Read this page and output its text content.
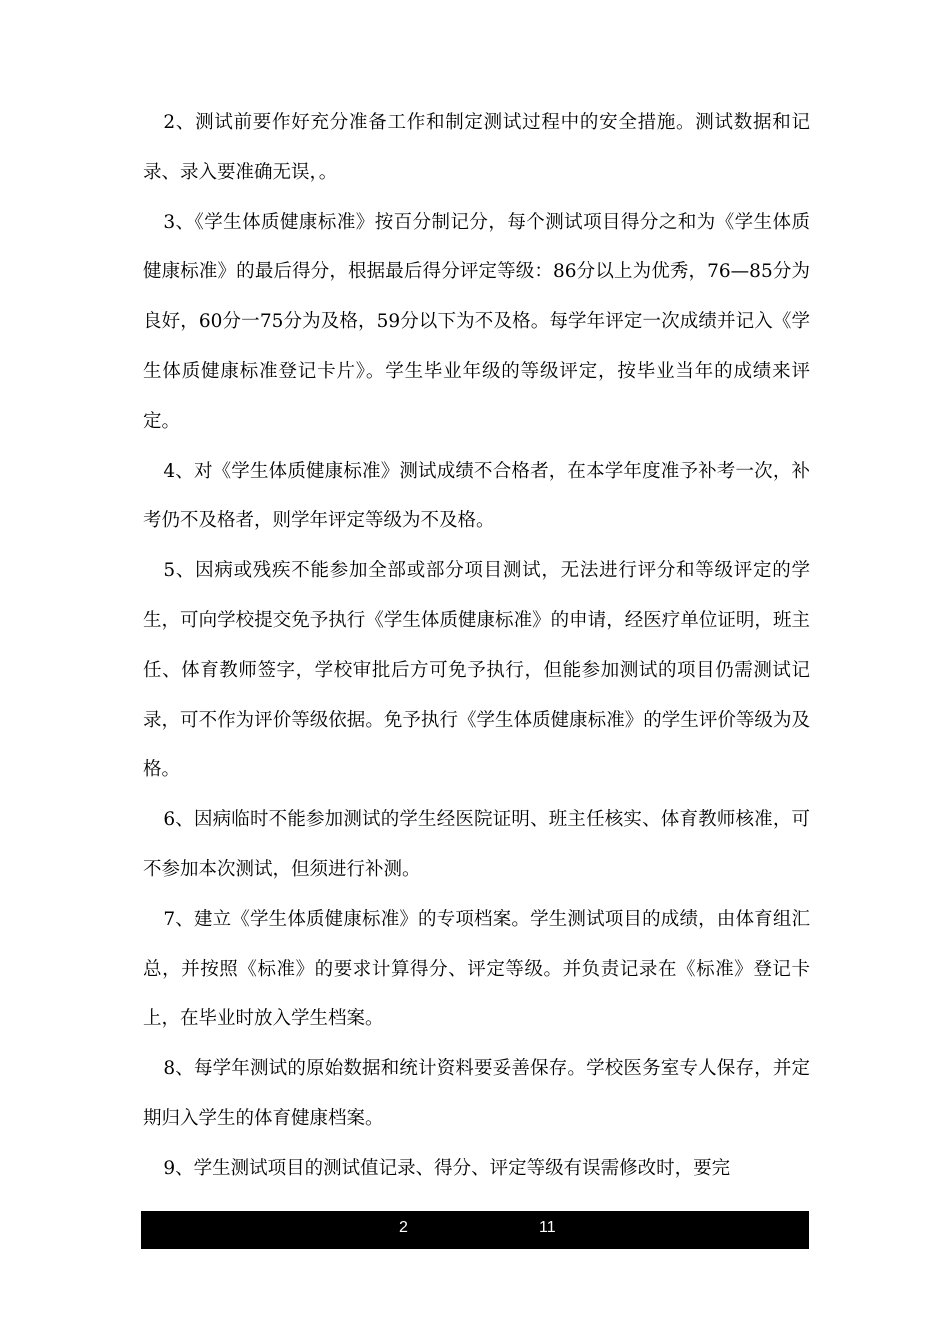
2、测试前要作好充分准备工作和制定测试过程中的安全措施。测试数据和记录、录入要准确无误，。

3、《学生体质健康标准》按百分制记分，每个测试项目得分之和为《学生体质健康标准》的最后得分，根据最后得分评定等级：86分以上为优秀，76—85分为良好，60分一75分为及格，59分以下为不及格。每学年评定一次成绩并记入《学生体质健康标准登记卡片》。学生毕业年级的等级评定，按毕业当年的成绩来评定。

4、对《学生体质健康标准》测试成绩不合格者，在本学年度准予补考一次，补考仍不及格者，则学年评定等级为不及格。

5、因病或残疾不能参加全部或部分项目测试，无法进行评分和等级评定的学生，可向学校提交免予执行《学生体质健康标准》的申请，经医疗单位证明，班主任、体育教师签字，学校审批后方可免予执行，但能参加测试的项目仍需测试记录，可不作为评价等级依据。免予执行《学生体质健康标准》的学生评价等级为及格。

6、因病临时不能参加测试的学生经医院证明、班主任核实、体育教师核准，可不参加本次测试，但须进行补测。

7、建立《学生体质健康标准》的专项档案。学生测试项目的成绩，由体育组汇总，并按照《标准》的要求计算得分、评定等级。并负责记录在《标准》登记卡上，在毕业时放入学生档案。

8、每学年测试的原始数据和统计资料要妥善保存。学校医务室专人保存，并定期归入学生的体育健康档案。

9、学生测试项目的测试值记录、得分、评定等级有误需修改时，要完

2	11
